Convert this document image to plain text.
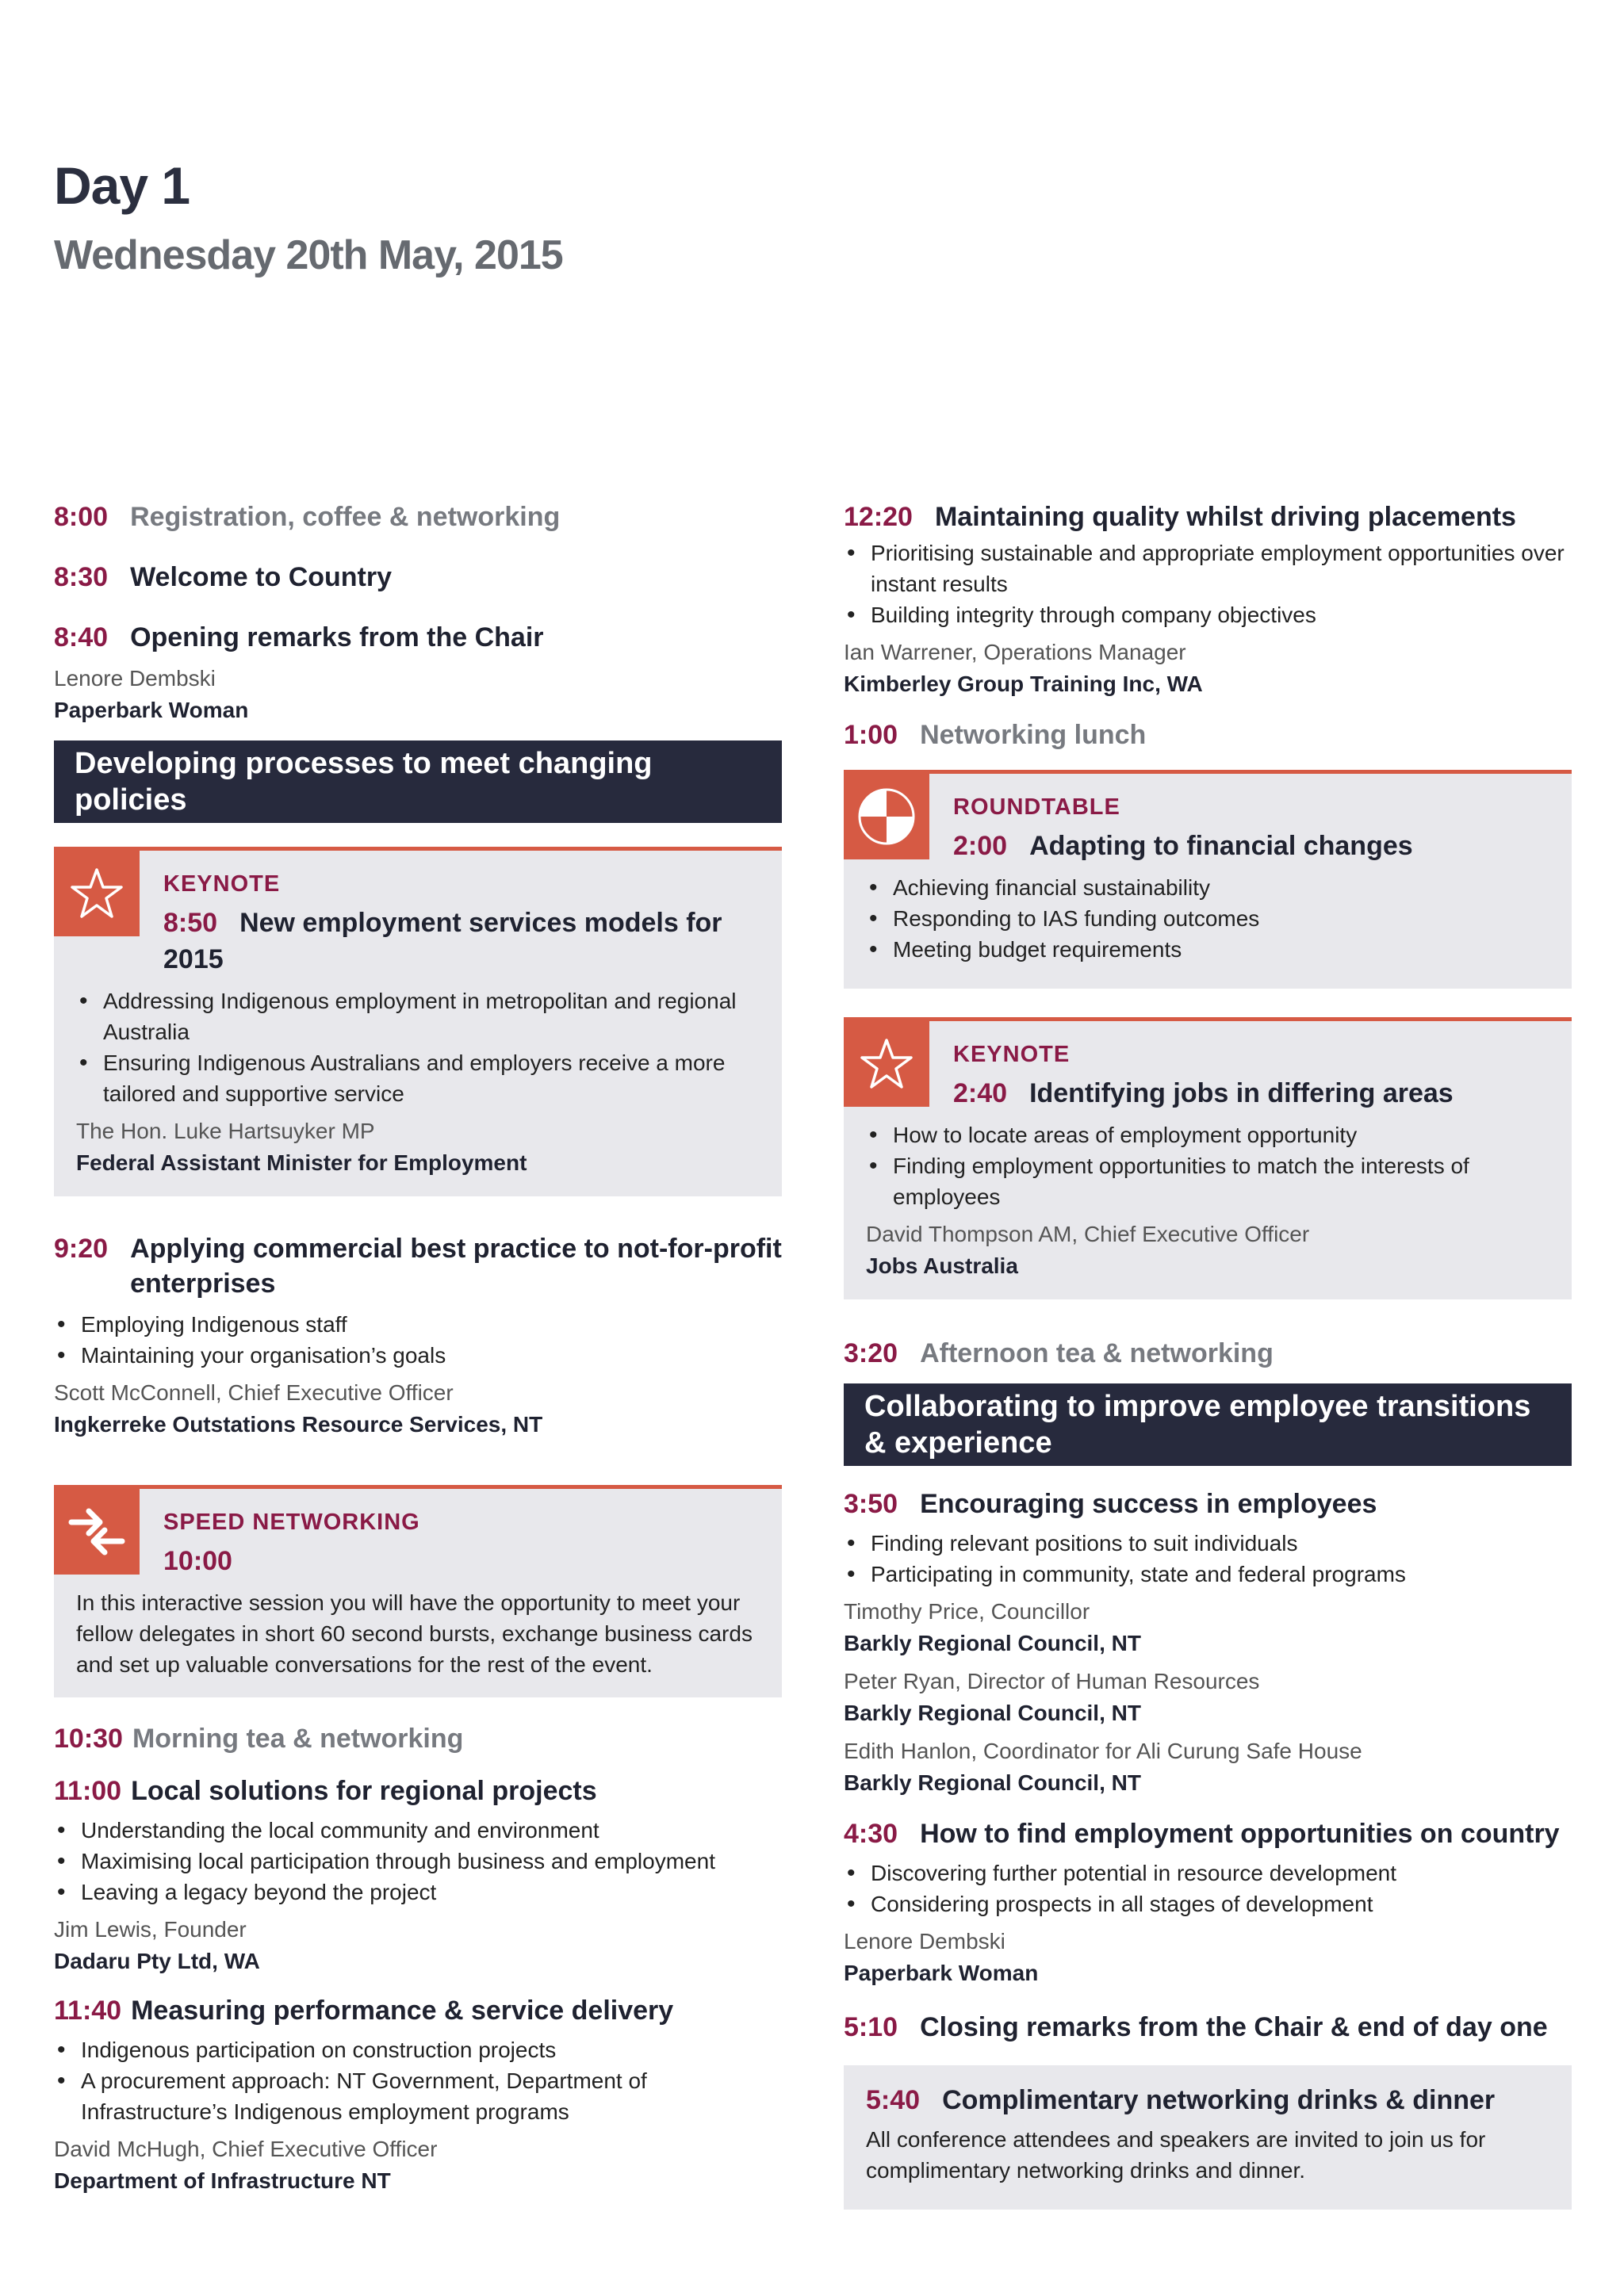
Day 1
Wednesday 20th May, 2015
8:00 Registration, coffee & networking
8:30 Welcome to Country
8:40 Opening remarks from the Chair
Lenore Dembski
Paperbark Woman
Developing processes to meet changing policies
KEYNOTE
8:50 New employment services models for 2015
• Addressing Indigenous employment in metropolitan and regional Australia
• Ensuring Indigenous Australians and employers receive a more tailored and supportive service
The Hon. Luke Hartsuyker MP
Federal Assistant Minister for Employment
9:20 Applying commercial best practice to not-for-profit enterprises
• Employing Indigenous staff
• Maintaining your organisation’s goals
Scott McConnell, Chief Executive Officer
Ingkerreke Outstations Resource Services, NT
SPEED NETWORKING
10:00

In this interactive session you will have the opportunity to meet your fellow delegates in short 60 second bursts, exchange business cards and set up valuable conversations for the rest of the event.

10:30 Morning tea & networking
11:00 Local solutions for regional projects
• Understanding the local community and environment
• Maximising local participation through business and employment
• Leaving a legacy beyond the project
Jim Lewis, Founder
Dadaru Pty Ltd, WA
11:40 Measuring performance & service delivery
• Indigenous participation on construction projects
• A procurement approach: NT Government, Department of Infrastructure’s Indigenous employment programs
David McHugh, Chief Executive Officer
Department of Infrastructure NT
12:20 Maintaining quality whilst driving placements
• Prioritising sustainable and appropriate employment opportunities over instant results
• Building integrity through company objectives
Ian Warrener, Operations Manager
Kimberley Group Training Inc, WA
1:00 Networking lunch
ROUNDTABLE
2:00 Adapting to financial changes
• Achieving financial sustainability
• Responding to IAS funding outcomes
• Meeting budget requirements
KEYNOTE
2:40 Identifying jobs in differing areas
• How to locate areas of employment opportunity
• Finding employment opportunities to match the interests of employees
David Thompson AM, Chief Executive Officer
Jobs Australia
3:20 Afternoon tea & networking
Collaborating to improve employee transitions & experience
3:50 Encouraging success in employees
• Finding relevant positions to suit individuals
• Participating in community, state and federal programs
Timothy Price, Councillor
Barkly Regional Council, NT
Peter Ryan, Director of Human Resources
Barkly Regional Council, NT
Edith Hanlon, Coordinator for Ali Curung Safe House
Barkly Regional Council, NT
4:30 How to find employment opportunities on country
• Discovering further potential in resource development
• Considering prospects in all stages of development
Lenore Dembski
Paperbark Woman
5:10 Closing remarks from the Chair & end of day one
5:40 Complimentary networking drinks & dinner

All conference attendees and speakers are invited to join us for complimentary networking drinks and dinner.
